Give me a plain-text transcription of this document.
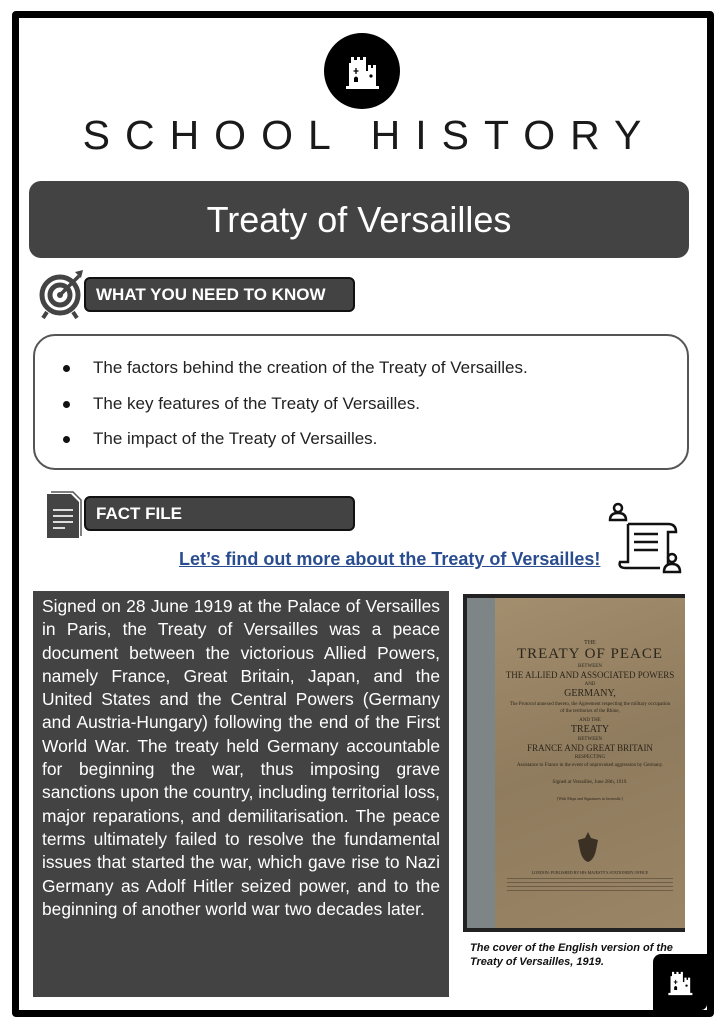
SCHOOL HISTORY
Treaty of Versailles
WHAT YOU NEED TO KNOW
The factors behind the creation of the Treaty of Versailles.
The key features of the Treaty of Versailles.
The impact of the Treaty of Versailles.
FACT FILE
Let’s find out more about the Treaty of Versailles!
Signed on 28 June 1919 at the Palace of Versailles in Paris, the Treaty of Versailles was a peace document between the victorious Allied Powers, namely France, Great Britain, Japan, and the United States and the Central Powers (Germany and Austria-Hungary) following the end of the First World War. The treaty held Germany accountable for beginning the war, thus imposing grave sanctions upon the country, including territorial loss, major reparations, and demilitarisation. The peace terms ultimately failed to resolve the fundamental issues that started the war, which gave rise to Nazi Germany as Adolf Hitler seized power, and to the beginning of another world war two decades later.
THE
TREATY OF PEACE
BETWEEN
THE ALLIED AND ASSOCIATED POWERS
AND
GERMANY,
The Protocol annexed thereto, the Agreement respecting the military occupation of the territories of the Rhine,
AND THE
TREATY
BETWEEN
FRANCE AND GREAT BRITAIN
RESPECTING
Assistance to France in the event of unprovoked aggression by Germany.
Signed at Versailles, June 28th, 1919.
[With Maps and Signatures in facsimile.]
LONDON: PUBLISHED BY HIS MAJESTY'S STATIONERY OFFICE
The cover of the English version of the Treaty of Versailles, 1919.
